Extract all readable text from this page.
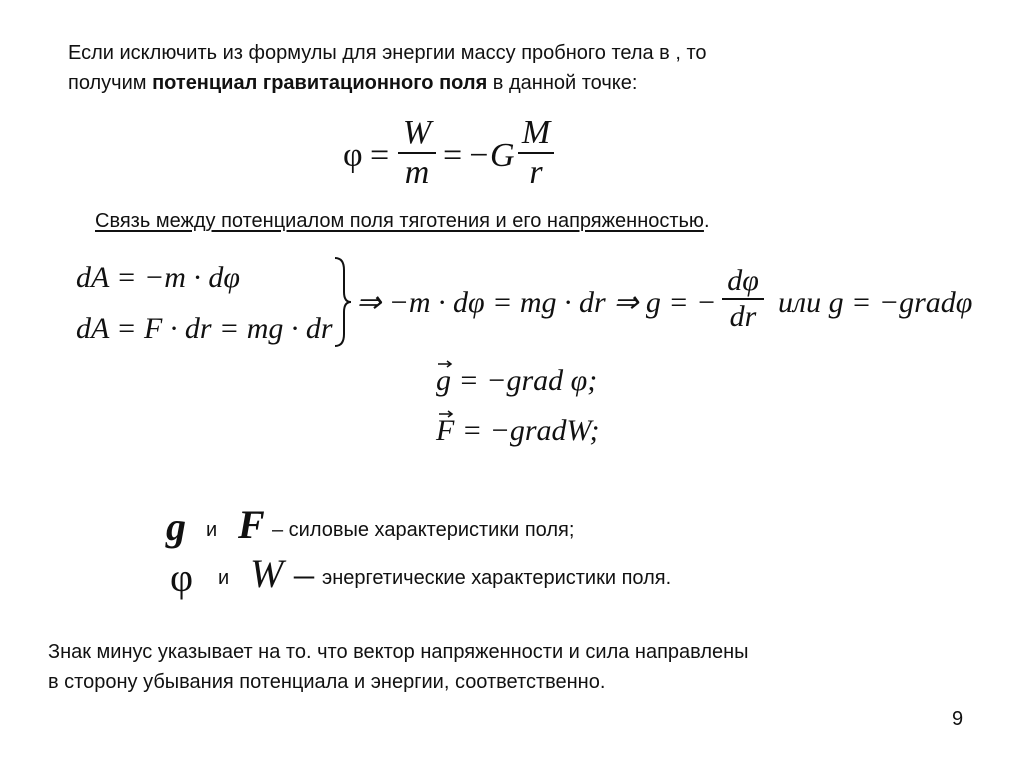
Если исключить из формулы для энергии массу пробного тела в , то
получим потенциал гравитационного поля в данной точке:
φ =
W
m = −G
M
r
Связь между потенциалом поля тяготения и его напряженностью.
dA = −m · dφ
dA = F · dr = mg · dr
⇒ −m · dφ = mg · dr ⇒ g = −
dφ
dr или g = −gradφ
g = −grad φ;
F = −gradW;
g и F – силовые характеристики поля;
φ и W – энергетические характеристики поля.
Знак минус указывает на то. что вектор напряженности и сила направлены
в сторону убывания потенциала и энергии, соответственно.
9
